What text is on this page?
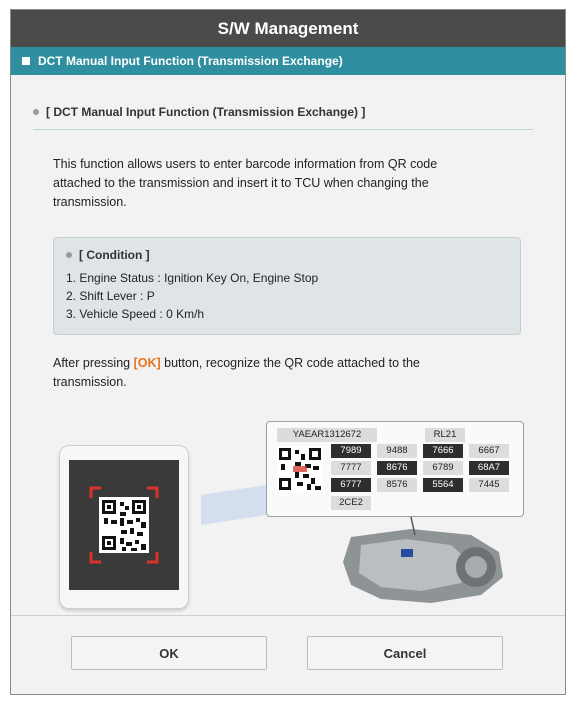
S/W Management
DCT Manual Input Function (Transmission Exchange)
[ DCT Manual Input Function (Transmission Exchange) ]
This function allows users to enter barcode information from QR code
attached to the transmission and insert it to TCU when changing the
transmission.
[ Condition ]
1. Engine Status : Ignition Key On, Engine Stop
2. Shift Lever : P
3. Vehicle Speed : 0 Km/h
After pressing [OK] button, recognize the QR code attached to the
transmission.
YAEAR1312672	RL21
7989	9488	7666	6667
7777	8676	6789	68A7
6777	8576	5564	7445
2CE2
OK	Cancel
